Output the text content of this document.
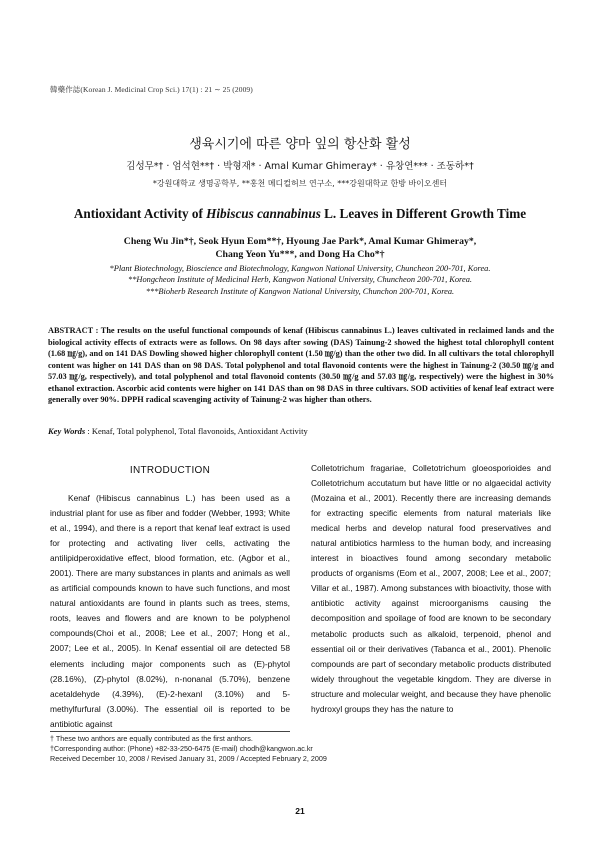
韓藥作誌(Korean J. Medicinal Crop Sci.) 17(1) : 21 ∼ 25 (2009)
생육시기에 따른 양마 잎의 항산화 활성
김성무*† · 엄석현**† · 박형재* · Amal Kumar Ghimeray* · 유창연*** · 조동하*†
*강원대학교 생명공학부, **홍천 메디컬허브 연구소, ***강원대학교 한방 바이오센터
Antioxidant Activity of Hibiscus cannabinus L. Leaves in Different Growth Time
Cheng Wu Jin*†, Seok Hyun Eom**†, Hyoung Jae Park*, Amal Kumar Ghimeray*,
Chang Yeon Yu***, and Dong Ha Cho*†
*Plant Biotechnology, Bioscience and Biotechnology, Kangwon National University, Chuncheon 200-701, Korea.
**Hongcheon Institute of Medicinal Herb, Kangwon National University, Chuncheon 200-701, Korea.
***Bioherb Research Institute of Kangwon National University, Chunchon 200-701, Korea.
ABSTRACT : The results on the useful functional compounds of kenaf (Hibiscus cannabinus L.) leaves cultivated in reclaimed lands and the biological activity effects of extracts were as follows. On 98 days after sowing (DAS) Tainung-2 showed the highest total chlorophyll content (1.68 ㎎/g), and on 141 DAS Dowling showed higher chlorophyll content (1.50 ㎎/g) than the other two did. In all cultivars the total chlorophyll content was higher on 141 DAS than on 98 DAS. Total polyphenol and total flavonoid contents were the highest in Tainung-2 (30.50 ㎎/g and 57.03 ㎎/g, respectively), and total polyphenol and total flavonoid contents (30.50 ㎎/g and 57.03 ㎎/g, respectively) were the highest in 30% ethanol extraction. Ascorbic acid contents were higher on 141 DAS than on 98 DAS in three cultivars. SOD activities of kenaf leaf extract were generally over 90%. DPPH radical scavenging activity of Tainung-2 was higher than others.
Key Words : Kenaf, Total polyphenol, Total flavonoids, Antioxidant Activity
INTRODUCTION

Kenaf (Hibiscus cannabinus L.) has been used as a industrial plant for use as fiber and fodder (Webber, 1993; White et al., 1994), and there is a report that kenaf leaf extract is used for protecting and activating liver cells, activating the antilipidperoxidative effect, blood formation, etc. (Agbor et al., 2001). There are many substances in plants and animals as well as artificial compounds known to have such functions, and most natural antioxidants are found in plants such as trees, stems, roots, leaves and flowers and are known to be polyphenol compounds(Choi et al., 2008; Lee et al., 2007; Hong et al., 2007; Lee et al., 2005). In Kenaf essential oil are detected 58 elements including major components such as (E)-phytol (28.16%), (Z)-phytol (8.02%), n-nonanal (5.70%), benzene acetaldehyde (4.39%), (E)-2-hexanl (3.10%) and 5-methylfurfural (3.00%). The essential oil is reported to be antibiotic against

Colletotrichum fragariae, Colletotrichum gloeosporioides and Colletotrichum accutatum but have little or no algaecidal activity (Mozaina et al., 2001). Recently there are increasing demands for extracting specific elements from natural materials like medical herbs and develop natural food preservatives and natural antibiotics harmless to the human body, and increasing interest in bioactives found among secondary metabolic products of organisms (Eom et al., 2007, 2008; Lee et al., 2007; Villar et al., 1987). Among substances with bioactivity, those with antibiotic activity against microorganisms causing the decomposition and spoilage of food are known to be secondary metabolic products such as alkaloid, terpenoid, phenol and essential oil or their derivatives (Tabanca et al., 2001). Phenolic compounds are part of secondary metabolic products distributed widely throughout the vegetable kingdom. They are diverse in structure and molecular weight, and because they have phenolic hydroxyl groups they has the nature to

† These two anthors are equally contributed as the first anthors.
†Corresponding author: (Phone) +82-33-250-6475 (E-mail) chodh@kangwon.ac.kr
Received December 10, 2008 / Revised January 31, 2009 / Accepted February 2, 2009
21
